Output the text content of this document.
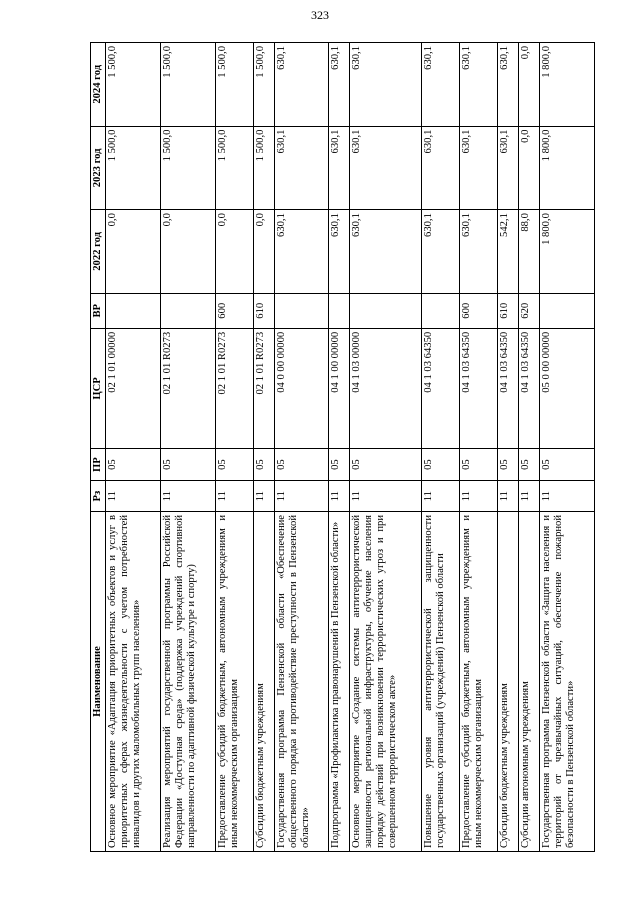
323
Наименование	Рз	ПР	ЦСР	ВР	2022 год	2023 год	2024 год
Основное мероприятие «Адаптация приоритетных объектов и услуг в приоритетных сферах жизнедеятельности с учетом потребностей инвалидов и других маломобильных групп населения»	11	05	02 1 01 00000		0,0	1 500,0	1 500,0
Реализация мероприятий государственной программы Российской Федерации «Доступная среда» (поддержка учреждений спортивной направленности по адаптивной физической культуре и спорту)	11	05	02 1 01 R0273		0,0	1 500,0	1 500,0
Предоставление субсидий бюджетным, автономным учреждениям и иным некоммерческим организациям	11	05	02 1 01 R0273	600	0,0	1 500,0	1 500,0
Субсидии бюджетным учреждениям	11	05	02 1 01 R0273	610	0,0	1 500,0	1 500,0
Государственная программа Пензенской области «Обеспечение общественного порядка и противодействие преступности в Пензенской области»	11	05	04 0 00 00000		630,1	630,1	630,1
Подпрограмма «Профилактика правонарушений в Пензенской области»	11	05	04 1 00 00000		630,1	630,1	630,1
Основное мероприятие «Создание системы антитеррористической защищенности региональной инфраструктуры, обучение населения порядку действий при возникновении террористических угроз и при совершенном террористическом акте»	11	05	04 1 03 00000		630,1	630,1	630,1
Повышение уровня антитеррористической защищенности государственных организаций (учреждений) Пензенской области	11	05	04 1 03 64350		630,1	630,1	630,1
Предоставление субсидий бюджетным, автономным учреждениям и иным некоммерческим организациям	11	05	04 1 03 64350	600	630,1	630,1	630,1
Субсидии бюджетным учреждениям	11	05	04 1 03 64350	610	542,1	630,1	630,1
Субсидии автономным учреждениям	11	05	04 1 03 64350	620	88,0	0,0	0,0
Государственная программа Пензенской области «Защита населения и территорий от чрезвычайных ситуаций, обеспечение пожарной безопасности в Пензенской области»	11	05	05 0 00 00000		1 800,0	1 800,0	1 800,0
